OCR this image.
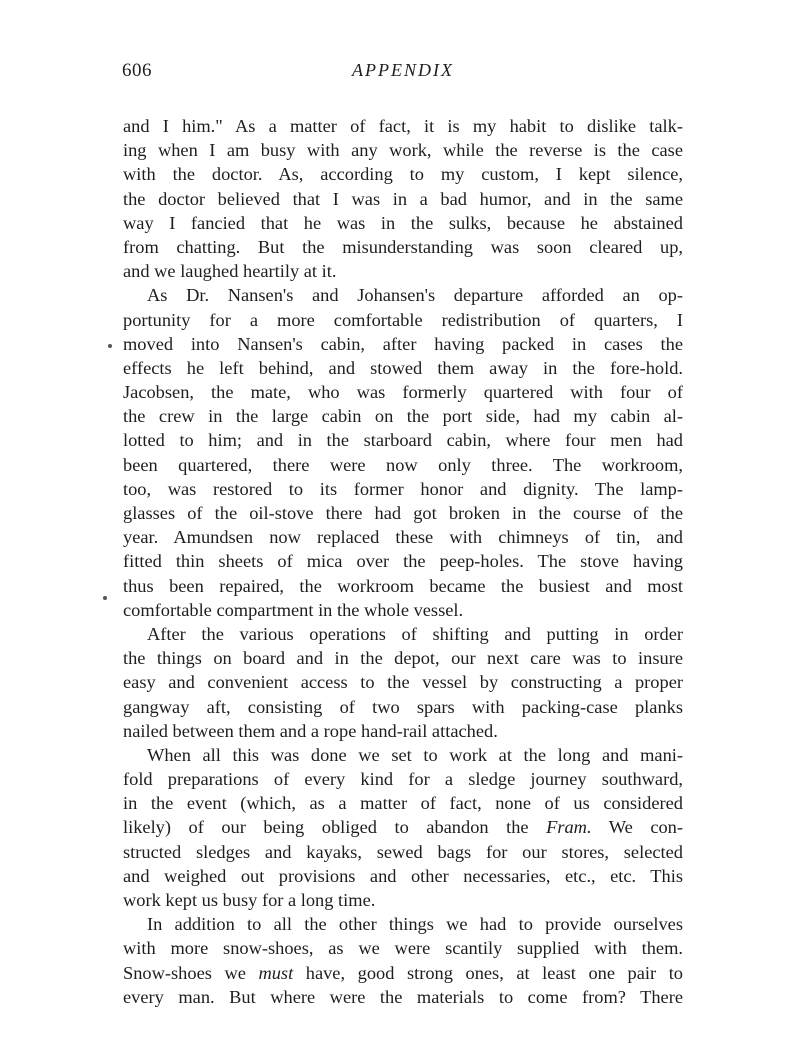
606	APPENDIX
and I him." As a matter of fact, it is my habit to dislike talk-
ing when I am busy with any work, while the reverse is the case
with the doctor. As, according to my custom, I kept silence,
the doctor believed that I was in a bad humor, and in the same
way I fancied that he was in the sulks, because he abstained
from chatting. But the misunderstanding was soon cleared up,
and we laughed heartily at it.
As Dr. Nansen's and Johansen's departure afforded an op-
portunity for a more comfortable redistribution of quarters, I
moved into Nansen's cabin, after having packed in cases the
effects he left behind, and stowed them away in the fore-hold.
Jacobsen, the mate, who was formerly quartered with four of
the crew in the large cabin on the port side, had my cabin al-
lotted to him; and in the starboard cabin, where four men had
been quartered, there were now only three. The workroom,
too, was restored to its former honor and dignity. The lamp-
glasses of the oil-stove there had got broken in the course of the
year. Amundsen now replaced these with chimneys of tin, and
fitted thin sheets of mica over the peep-holes. The stove having
thus been repaired, the workroom became the busiest and most
comfortable compartment in the whole vessel.
After the various operations of shifting and putting in order
the things on board and in the depot, our next care was to insure
easy and convenient access to the vessel by constructing a proper
gangway aft, consisting of two spars with packing-case planks
nailed between them and a rope hand-rail attached.
When all this was done we set to work at the long and mani-
fold preparations of every kind for a sledge journey southward,
in the event (which, as a matter of fact, none of us considered
likely) of our being obliged to abandon the Fram. We con-
structed sledges and kayaks, sewed bags for our stores, selected
and weighed out provisions and other necessaries, etc., etc. This
work kept us busy for a long time.
In addition to all the other things we had to provide ourselves
with more snow-shoes, as we were scantily supplied with them.
Snow-shoes we must have, good strong ones, at least one pair to
every man. But where were the materials to come from? There
